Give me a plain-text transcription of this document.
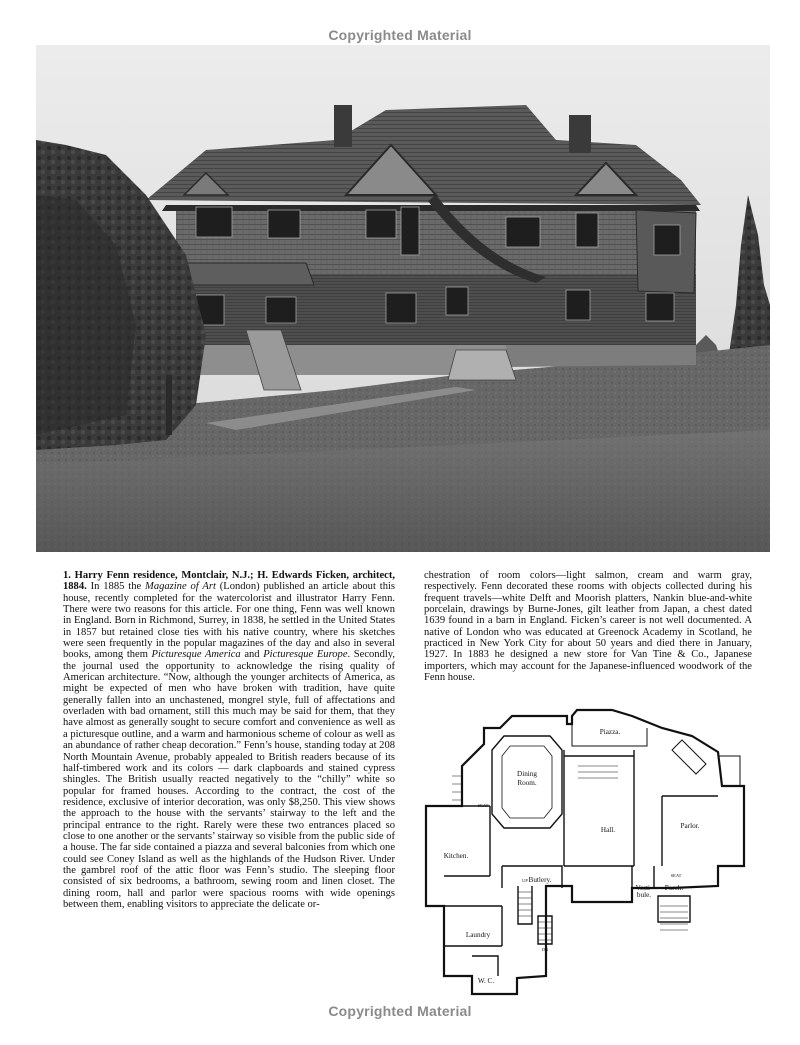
Copyrighted Material

1. Harry Fenn residence, Montclair, N.J.; H. Edwards Ficken, architect, 1884. In 1885 the Magazine of Art (London) published an article about this house, recently completed for the watercolorist and illustrator Harry Fenn. There were two reasons for this article. For one thing, Fenn was well known in England. Born in Richmond, Surrey, in 1838, he settled in the United States in 1857 but retained close ties with his native country, where his sketches were seen frequently in the popular magazines of the day and also in several books, among them Picturesque America and Picturesque Europe. Secondly, the journal used the opportunity to acknowledge the rising quality of American architecture. “Now, although the younger architects of America, as might be expected of men who have broken with tradition, have quite generally fallen into an unchastened, mongrel style, full of affectations and overladen with bad ornament, still this much may be said for them, that they have almost as generally sought to secure comfort and convenience as well as a picturesque outline, and a warm and harmonious scheme of colour as well as an abundance of rather cheap decoration.” Fenn’s house, standing today at 208 North Mountain Avenue, probably appealed to British readers because of its half-timbered work and its colors — dark clapboards and stained cypress shingles. The British usually reacted negatively to the “chilly” white so popular for framed houses. According to the contract, the cost of the residence, exclusive of interior decoration, was only $8,250. This view shows the approach to the house with the servants’ stairway to the left and the principal entrance to the right. Rarely were these two entrances placed so close to one another or the servants’ stairway so visible from the public side of a house. The far side contained a piazza and several balconies from which one could see Coney Island as well as the highlands of the Hudson River. Under the gambrel roof of the attic floor was Fenn’s studio. The sleeping floor consisted of six bedrooms, a bathroom, sewing room and linen closet. The dining room, hall and parlor were spacious rooms with wide openings between them, enabling visitors to appreciate the delicate or-

chestration of room colors—light salmon, cream and warm gray, respectively. Fenn decorated these rooms with objects collected during his frequent travels—white Delft and Moorish platters, Nankin blue-and-white porcelain, drawings by Burne-Jones, gilt leather from Japan, a chest dated 1639 found in a barn in England. Ficken’s career is not well documented. A native of London who was educated at Greenock Academy in Scotland, he practiced in New York City for about 50 years and died there in January, 1927. In 1883 he designed a new store for Van Tine & Co., Japanese importers, which may account for the Japanese-influenced woodwork of the Fenn house.

Piazza.
Dining
Room.
Hall.	Parlor.
Kitchen.
Butlery.
Vesti-
bule.
Porch.
Laundry
W. C.
SEAT
SEAT
UP
DN
Copyrighted Material
